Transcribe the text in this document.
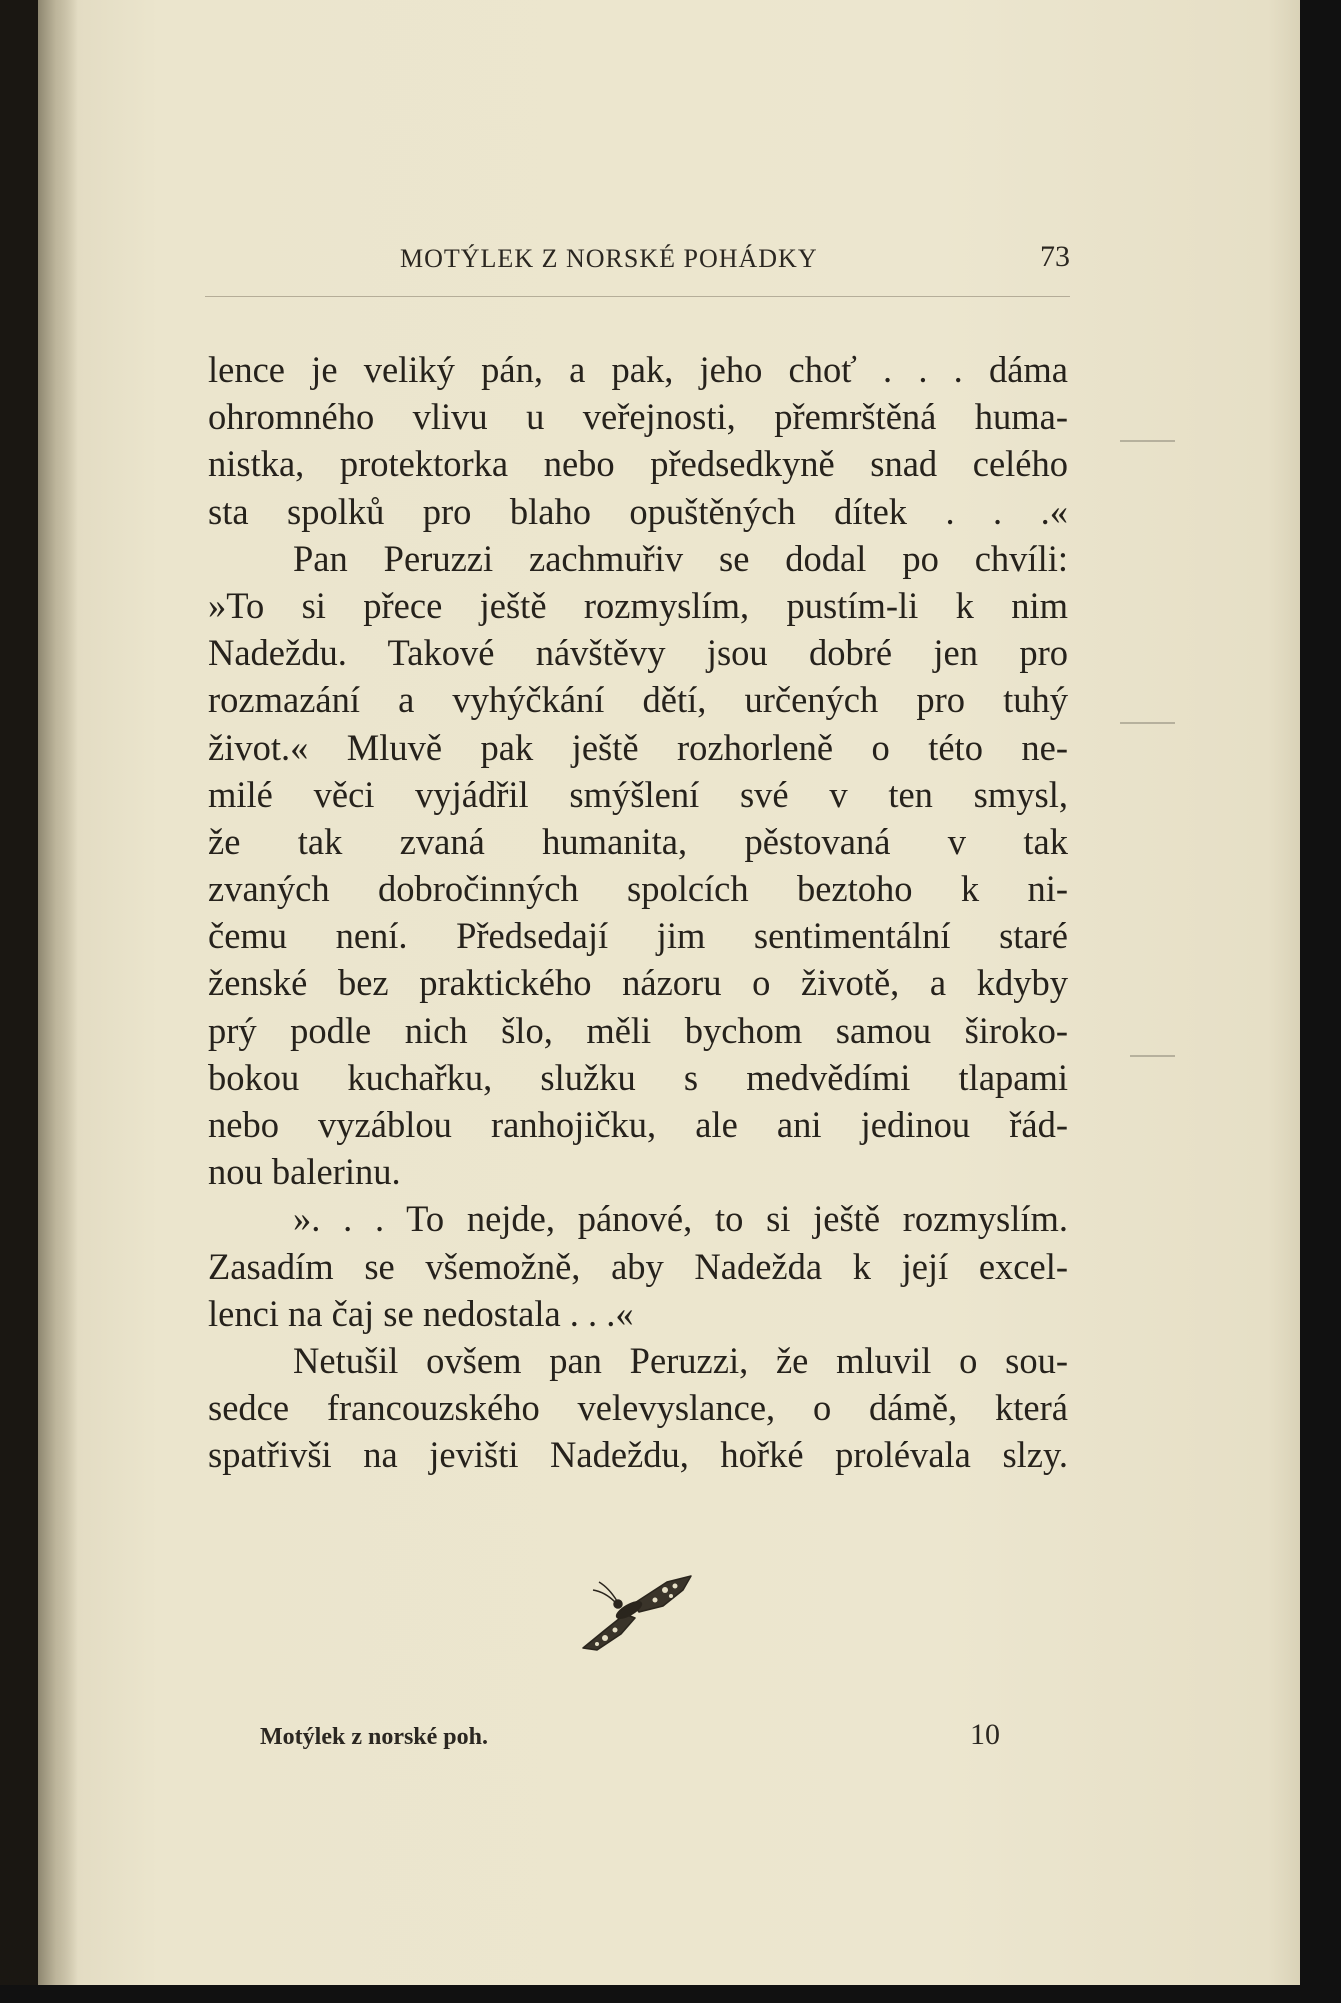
MOTÝLEK Z NORSKÉ POHÁDKY	73
lence je veliký pán, a pak, jeho choť . . . dáma
ohromného vlivu u veřejnosti, přemrštěná huma-
nistka, protektorka nebo předsedkyně snad celého
sta spolků pro blaho opuštěných dítek . . .«
Pan Peruzzi zachmuřiv se dodal po chvíli:
»To si přece ještě rozmyslím, pustím-li k nim
Nadeždu. Takové návštěvy jsou dobré jen pro
rozmazání a vyhýčkání dětí, určených pro tuhý
život.« Mluvě pak ještě rozhorleně o této ne-
milé věci vyjádřil smýšlení své v ten smysl,
že tak zvaná humanita, pěstovaná v tak
zvaných dobročinných spolcích beztoho k ni-
čemu není. Předsedají jim sentimentální staré
ženské bez praktického názoru o životě, a kdyby
prý podle nich šlo, měli bychom samou široko-
bokou kuchařku, služku s medvědími tlapami
nebo vyzáblou ranhojičku, ale ani jedinou řád-
nou balerinu.
». . . To nejde, pánové, to si ještě rozmyslím.
Zasadím se všemožně, aby Nadežda k její excel-
lenci na čaj se nedostala . . .«
Netušil ovšem pan Peruzzi, že mluvil o sou-
sedce francouzského velevyslance, o dámě, která
spatřivši na jevišti Nadeždu, hořké prolévala slzy.
Motýlek z norské poh.	10
